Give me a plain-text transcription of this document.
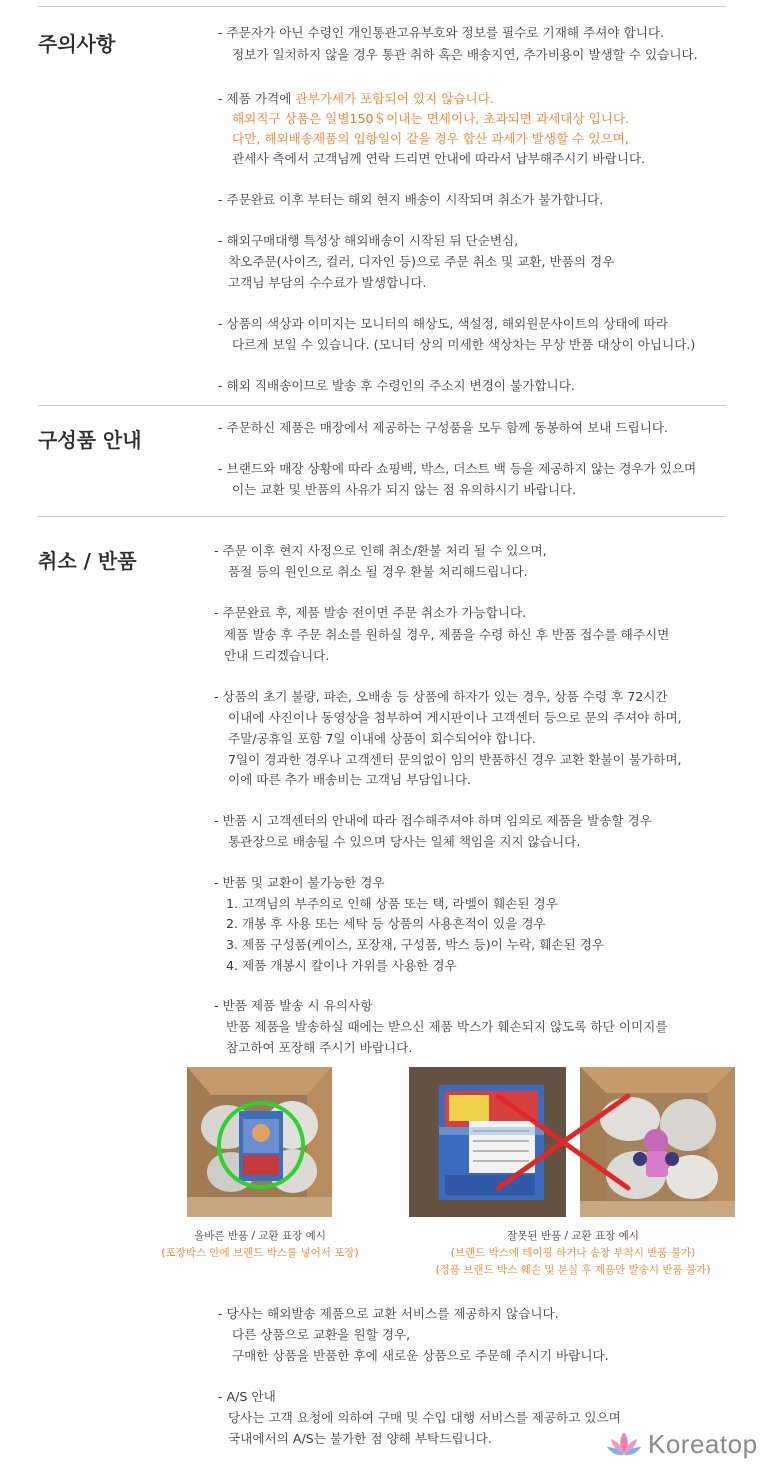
주의사항	- 주문자가 아닌 수령인 개인통관고유부호와 정보를 필수로 기재해 주셔야 합니다.
정보가 일치하지 않을 경우 통관 취하 혹은 배송지연, 추가비용이 발생할 수 있습니다.
- 제품 가격에 관부가세가 포함되어 있지 않습니다.
해외직구 상품은 일별150＄이내는 면세이나, 초과되면 과세대상 입니다.
다만, 해외배송제품의 입항일이 같을 경우 합산 과세가 발생할 수 있으며,
관세사 측에서 고객님께 연락 드리면 안내에 따라서 납부해주시기 바랍니다.
- 주문완료 이후 부터는 해외 현지 배송이 시작되며 취소가 불가합니다.
- 해외구매대행 특성상 해외배송이 시작된 뒤 단순변심,
착오주문(사이즈, 컬러, 디자인 등)으로 주문 취소 및 교환, 반품의 경우
고객님 부담의 수수료가 발생합니다.
- 상품의 색상과 이미지는 모니터의 해상도, 색설정, 해외원문사이트의 상태에 따라
다르게 보일 수 있습니다. (모니터 상의 미세한 색상차는 무상 반품 대상이 아닙니다.)
- 해외 직배송이므로 발송 후 수령인의 주소지 변경이 불가합니다.
구성품 안내
- 주문하신 제품은 매장에서 제공하는 구성품을 모두 함께 동봉하여 보내 드립니다.
- 브랜드와 매장 상황에 따라 쇼핑백, 박스, 더스트 백 등을 제공하지 않는 경우가 있으며
이는 교환 및 반품의 사유가 되지 않는 점 유의하시기 바랍니다.
취소 / 반품	- 주문 이후 현지 사정으로 인해 취소/환불 처리 될 수 있으며,
품절 등의 원인으로 취소 될 경우 환불 처리해드립니다.
- 주문완료 후, 제품 발송 전이면 주문 취소가 가능합니다.
제품 발송 후 주문 취소를 원하실 경우, 제품을 수령 하신 후 반품 접수를 해주시면
안내 드리겠습니다.
- 상품의 초기 불량, 파손, 오배송 등 상품에 하자가 있는 경우, 상품 수령 후 72시간
이내에 사진이나 동영상을 첨부하여 게시판이나 고객센터 등으로 문의 주셔야 하며,
주말/공휴일 포함 7일 이내에 상품이 회수되어야 합니다.
7일이 경과한 경우나 고객센터 문의없이 임의 반품하신 경우 교환 환불이 불가하며,
이에 따른 추가 배송비는 고객님 부담입니다.
- 반품 시 고객센터의 안내에 따라 접수해주셔야 하며 임의로 제품을 발송할 경우
통관장으로 배송될 수 있으며 당사는 일체 책임을 지지 않습니다.
- 반품 및 교환이 불가능한 경우
1. 고객님의 부주의로 인해 상품 또는 택, 라벨이 훼손된 경우
2. 개봉 후 사용 또는 세탁 등 상품의 사용흔적이 있을 경우
3. 제품 구성품(케이스, 포장재, 구성품, 박스 등)이 누락, 훼손된 경우
4. 제품 개봉시 칼이나 가위를 사용한 경우
- 반품 제품 발송 시 유의사항
반품 제품을 발송하실 때에는 받으신 제품 박스가 훼손되지 않도록 하단 이미지를
참고하여 포장해 주시기 바랍니다.
올바른 반품 / 교환 표장 예시
(포장박스 안에 브랜드 박스를 넣어서 포장)
잘못된 반품 / 교환 표장 예시
(브랜드 박스에 테이핑 하거나 송장 부착시 반품 불가)
(정품 브랜드 박스 훼손 및 분실 후 제품만 발송시 반품 불가)
- 당사는 해외발송 제품으로 교환 서비스를 제공하지 않습니다.
다른 상품으로 교환을 원할 경우,
구매한 상품을 반품한 후에 새로운 상품으로 주문해 주시기 바랍니다.
- A/S 안내
당사는 고객 요청에 의하여 구매 및 수입 대행 서비스를 제공하고 있으며
국내에서의 A/S는 불가한 점 양해 부탁드립니다.	Koreatop
